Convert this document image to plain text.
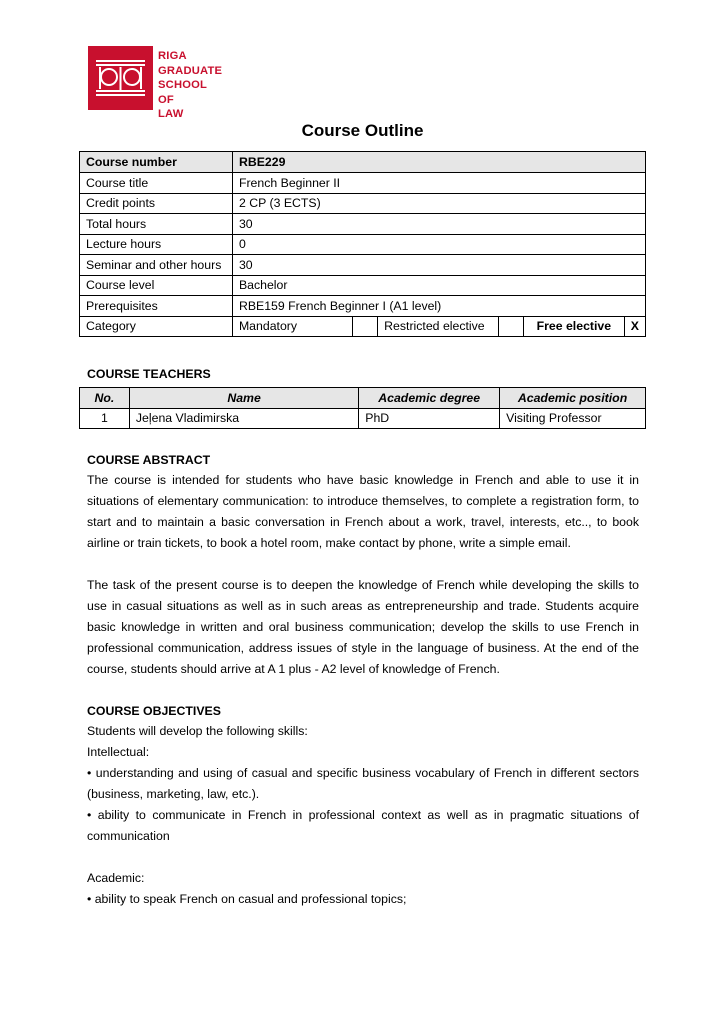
RIGA
GRADUATE
SCHOOL OF
LAW
Course Outline
Course number	RBE229					
Course title	French Beginner II					
Credit points	2 CP (3 ECTS)					
Total hours	30					
Lecture hours	0					
Seminar and other hours	30					
Course level	Bachelor					
Prerequisites	RBE159 French Beginner I (A1 level)					
Category	Mandatory		Restricted elective		Free elective	X
COURSE TEACHERS
No.	Name	Academic degree	Academic position
1	Jeļena Vladimirska	PhD	Visiting Professor
COURSE ABSTRACT
The course is intended for students who have basic knowledge in French and able to use it in situations of elementary communication: to introduce themselves, to complete a registration form, to start and to maintain a basic conversation in French about a work, travel, interests, etc.., to book airline or train tickets, to book a hotel room, make contact by phone, write a simple email.
The task of the present course is to deepen the knowledge of French while developing the skills to use in casual situations as well as in such areas as entrepreneurship and trade. Students acquire basic knowledge in written and oral business communication; develop the skills to use French in professional communication, address issues of style in the language of business. At the end of the course, students should arrive at A 1 plus - A2 level of knowledge of French.
COURSE OBJECTIVES
Students will develop the following skills:
Intellectual:
• understanding and using of casual and specific business vocabulary of French in different sectors (business, marketing, law, etc.).
• ability to communicate in French in professional context as well as in pragmatic situations of communication
Academic:
• ability to speak French on casual and professional topics;
